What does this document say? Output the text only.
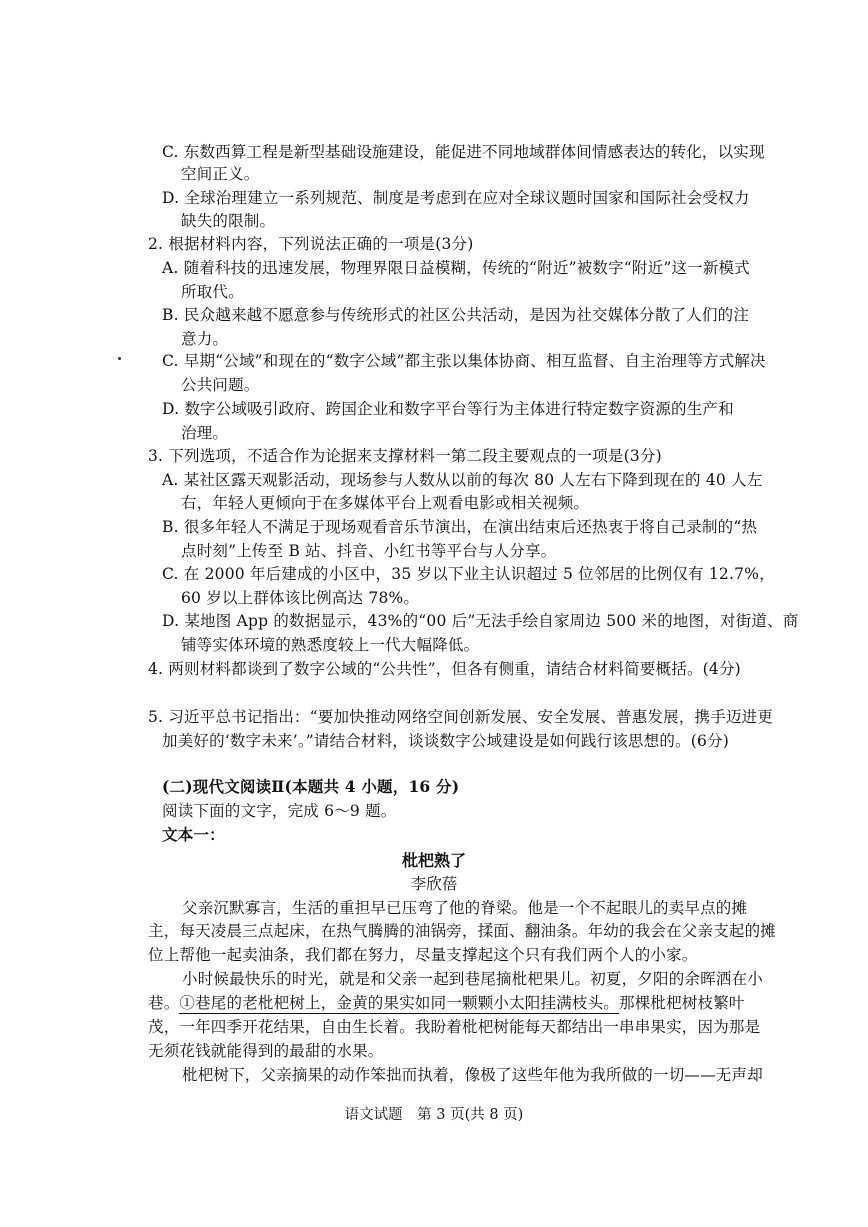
C. 东数西算工程是新型基础设施建设，能促进不同地域群体间情感表达的转化，以实现
空间正义。
D. 全球治理建立一系列规范、制度是考虑到在应对全球议题时国家和国际社会受权力
缺失的限制。
2. 根据材料内容，下列说法正确的一项是(3分)
A. 随着科技的迅速发展，物理界限日益模糊，传统的“附近”被数字“附近”这一新模式
所取代。
B. 民众越来越不愿意参与传统形式的社区公共活动，是因为社交媒体分散了人们的注
意力。
C. 早期“公域”和现在的“数字公域”都主张以集体协商、相互监督、自主治理等方式解决
公共问题。
D. 数字公域吸引政府、跨国企业和数字平台等行为主体进行特定数字资源的生产和
治理。
3. 下列选项，不适合作为论据来支撑材料一第二段主要观点的一项是(3分)
A. 某社区露天观影活动，现场参与人数从以前的每次 80 人左右下降到现在的 40 人左
右，年轻人更倾向于在多媒体平台上观看电影或相关视频。
B. 很多年轻人不满足于现场观看音乐节演出，在演出结束后还热衷于将自己录制的“热
点时刻”上传至 B 站、抖音、小红书等平台与人分享。
C. 在 2000 年后建成的小区中，35 岁以下业主认识超过 5 位邻居的比例仅有 12.7%，
60 岁以上群体该比例高达 78%。
D. 某地图 App 的数据显示，43%的“00 后”无法手绘自家周边 500 米的地图，对街道、商
铺等实体环境的熟悉度较上一代大幅降低。
4. 两则材料都谈到了数字公域的“公共性”，但各有侧重，请结合材料简要概括。(4分)
5. 习近平总书记指出：“要加快推动网络空间创新发展、安全发展、普惠发展，携手迈进更
加美好的‘数字未来’。”请结合材料，谈谈数字公域建设是如何践行该思想的。(6分)
(二)现代文阅读Ⅱ(本题共 4 小题，16 分)
阅读下面的文字，完成 6～9 题。
文本一：
枇杷熟了
李欣蓓
父亲沉默寡言，生活的重担早已压弯了他的脊梁。他是一个不起眼儿的卖早点的摊
主，每天凌晨三点起床，在热气腾腾的油锅旁，揉面、翻油条。年幼的我会在父亲支起的摊
位上帮他一起卖油条，我们都在努力，尽量支撑起这个只有我们两个人的小家。
小时候最快乐的时光，就是和父亲一起到巷尾摘枇杷果儿。初夏，夕阳的余晖洒在小
巷。①巷尾的老枇杷树上，金黄的果实如同一颗颗小太阳挂满枝头。那棵枇杷树枝繁叶
茂，一年四季开花结果，自由生长着。我盼着枇杷树能每天都结出一串串果实，因为那是
无须花钱就能得到的最甜的水果。
枇杷树下，父亲摘果的动作笨拙而执着，像极了这些年他为我所做的一切——无声却
语文试题　第 3 页(共 8 页)
